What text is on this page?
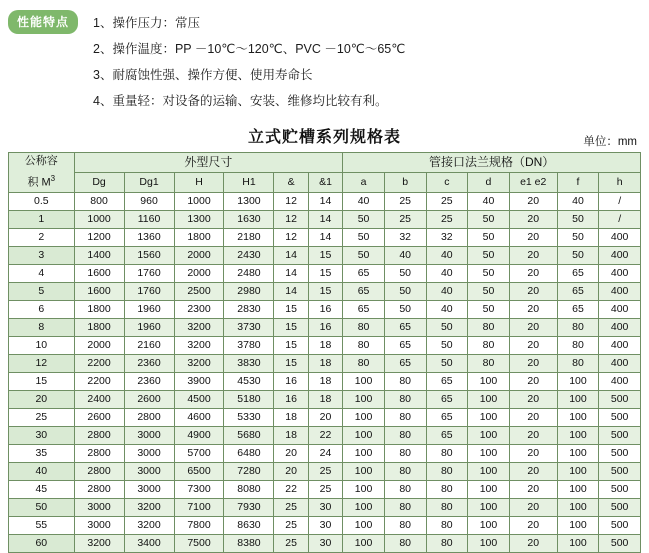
性能特点	1、操作压力：常压
2、操作温度：PP －10℃～120℃、PVC －10℃～65℃
3、耐腐蚀性强、操作方便、使用寿命长
4、重量轻：对设备的运输、安装、维修均比较有利。
立式贮槽系列规格表	单位：mm
公称容
积 $M^3$	外型尺寸						管接口法兰规格（DN）						
	Dg	Dg1	H	H1	&	&1	a	b	c	d	e1 e2	f	h
0.5	800	960	1000	1300	12	14	40	25	25	40	20	40	/
1	1000	1160	1300	1630	12	14	50	25	25	50	20	50	/
2	1200	1360	1800	2180	12	14	50	32	32	50	20	50	400
3	1400	1560	2000	2430	14	15	50	40	40	50	20	50	400
4	1600	1760	2000	2480	14	15	65	50	40	50	20	65	400
5	1600	1760	2500	2980	14	15	65	50	40	50	20	65	400
6	1800	1960	2300	2830	15	16	65	50	40	50	20	65	400
8	1800	1960	3200	3730	15	16	80	65	50	80	20	80	400
10	2000	2160	3200	3780	15	18	80	65	50	80	20	80	400
12	2200	2360	3200	3830	15	18	80	65	50	80	20	80	400
15	2200	2360	3900	4530	16	18	100	80	65	100	20	100	400
20	2400	2600	4500	5180	16	18	100	80	65	100	20	100	500
25	2600	2800	4600	5330	18	20	100	80	65	100	20	100	500
30	2800	3000	4900	5680	18	22	100	80	65	100	20	100	500
35	2800	3000	5700	6480	20	24	100	80	80	100	20	100	500
40	2800	3000	6500	7280	20	25	100	80	80	100	20	100	500
45	2800	3000	7300	8080	22	25	100	80	80	100	20	100	500
50	3000	3200	7100	7930	25	30	100	80	80	100	20	100	500
55	3000	3200	7800	8630	25	30	100	80	80	100	20	100	500
60	3200	3400	7500	8380	25	30	100	80	80	100	20	100	500
